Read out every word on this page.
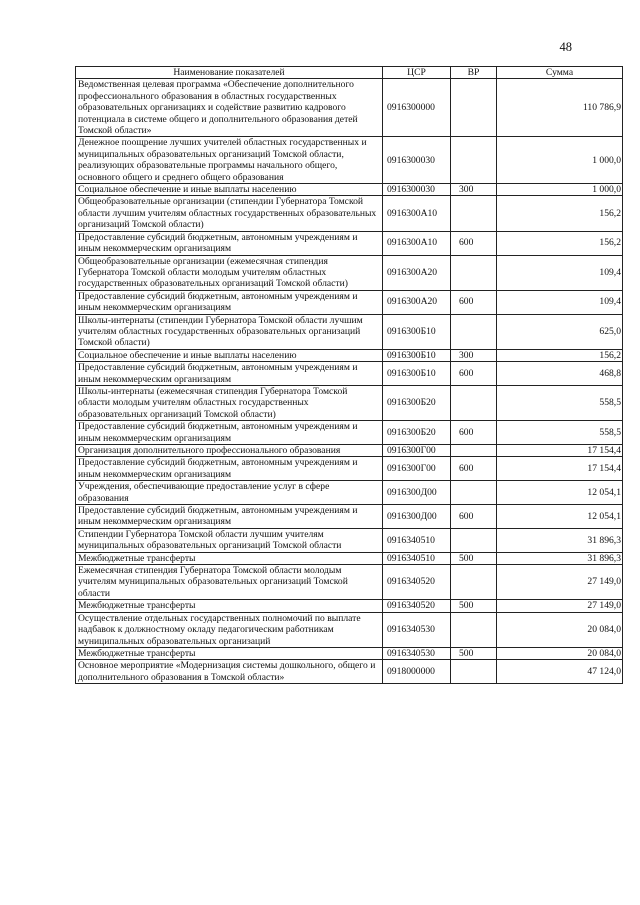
48
Наименование показателей	ЦСР	ВР	Сумма
Ведомственная целевая программа «Обеспечение дополнительного профессионального образования в областных государственных образовательных организациях и содействие развитию кадрового потенциала в системе общего и дополнительного образования детей Томской области»	0916300000		110 786,9
Денежное поощрение лучших учителей областных государственных и муниципальных образовательных организаций Томской области, реализующих образовательные программы начального общего, основного общего и среднего общего образования	0916300030		1 000,0
Социальное обеспечение и иные выплаты населению	0916300030	300	1 000,0
Общеобразовательные организации (стипендии Губернатора Томской области лучшим учителям областных государственных образовательных организаций Томской области)	0916300А10		156,2
Предоставление субсидий бюджетным, автономным учреждениям и иным некоммерческим организациям	0916300А10	600	156,2
Общеобразовательные организации (ежемесячная стипендия Губернатора Томской области молодым учителям областных государственных образовательных организаций Томской области)	0916300А20		109,4
Предоставление субсидий бюджетным, автономным учреждениям и иным некоммерческим организациям	0916300А20	600	109,4
Школы-интернаты (стипендии Губернатора Томской области лучшим учителям областных государственных образовательных организаций Томской области)	0916300Б10		625,0
Социальное обеспечение и иные выплаты населению	0916300Б10	300	156,2
Предоставление субсидий бюджетным, автономным учреждениям и иным некоммерческим организациям	0916300Б10	600	468,8
Школы-интернаты (ежемесячная стипендия Губернатора Томской области молодым учителям областных государственных образовательных организаций Томской области)	0916300Б20		558,5
Предоставление субсидий бюджетным, автономным учреждениям и иным некоммерческим организациям	0916300Б20	600	558,5
Организация дополнительного профессионального образования	0916300Г00		17 154,4
Предоставление субсидий бюджетным, автономным учреждениям и иным некоммерческим организациям	0916300Г00	600	17 154,4
Учреждения, обеспечивающие предоставление услуг в сфере образования	0916300Д00		12 054,1
Предоставление субсидий бюджетным, автономным учреждениям и иным некоммерческим организациям	0916300Д00	600	12 054,1
Стипендии Губернатора Томской области лучшим учителям муниципальных образовательных организаций Томской области	0916340510		31 896,3
Межбюджетные трансферты	0916340510	500	31 896,3
Ежемесячная стипендия Губернатора Томской области молодым учителям муниципальных образовательных организаций Томской области	0916340520		27 149,0
Межбюджетные трансферты	0916340520	500	27 149,0
Осуществление отдельных государственных полномочий по выплате надбавок к должностному окладу педагогическим работникам муниципальных образовательных организаций	0916340530		20 084,0
Межбюджетные трансферты	0916340530	500	20 084,0
Основное мероприятие «Модернизация системы дошкольного, общего и дополнительного образования в Томской области»	0918000000		47 124,0
